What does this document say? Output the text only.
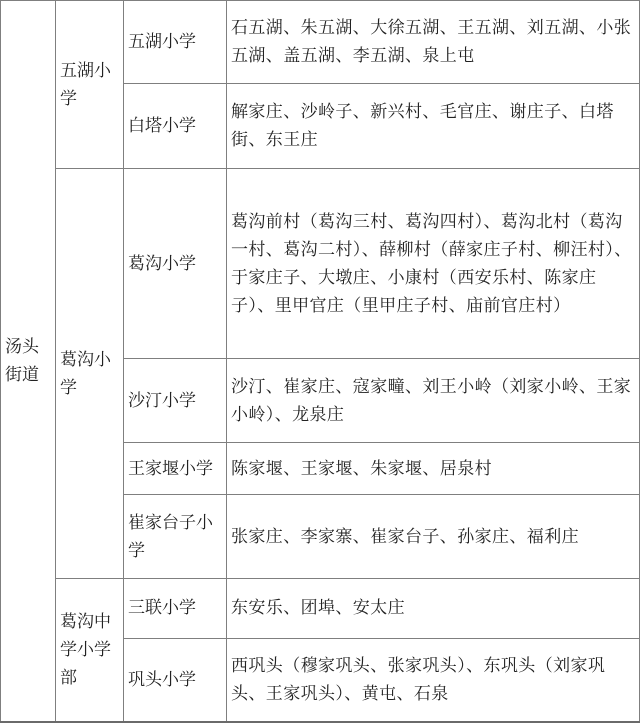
汤头街道	五湖小学	五湖小学	石五湖、朱五湖、大徐五湖、王五湖、刘五湖、小张五湖、盖五湖、李五湖、泉上屯
		白塔小学	解家庄、沙岭子、新兴村、毛官庄、谢庄子、白塔街、东王庄
	葛沟小学	葛沟小学	葛沟前村（葛沟三村、葛沟四村）、葛沟北村（葛沟一村、葛沟二村）、薛柳村（薛家庄子村、柳汪村）、于家庄子、大墩庄、小康村（西安乐村、陈家庄子）、里甲官庄（里甲庄子村、庙前官庄村）
		沙汀小学	沙汀、崔家庄、寇家疃、刘王小岭（刘家小岭、王家小岭）、龙泉庄
		王家堰小学	陈家堰、王家堰、朱家堰、居泉村
		崔家台子小学	张家庄、李家寨、崔家台子、孙家庄、福利庄
	葛沟中学小学部	三联小学	东安乐、团埠、安太庄
		巩头小学	西巩头（穆家巩头、张家巩头）、东巩头（刘家巩头、王家巩头）、黄屯、石泉
